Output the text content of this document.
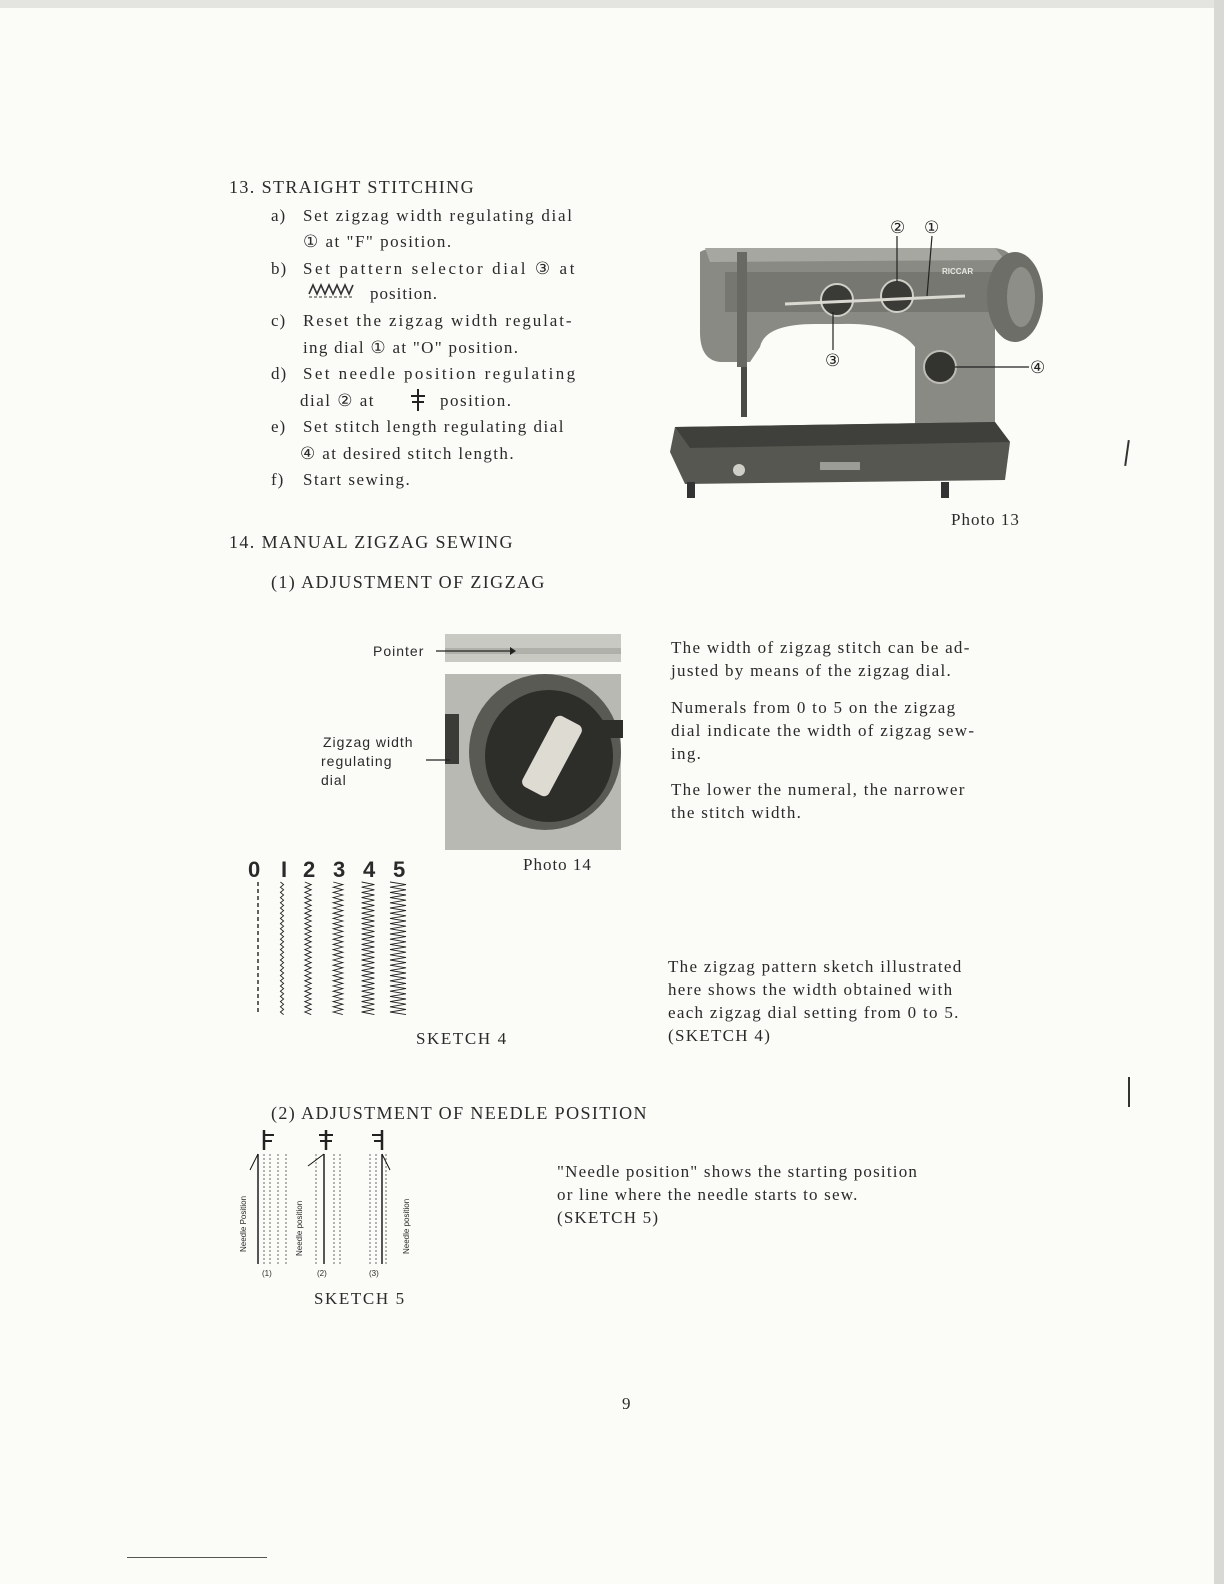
13. STRAIGHT STITCHING
a) Set zigzag width regulating dial
① at "F" position.
b) Set pattern selector dial ③ at
position.
c) Reset the zigzag width regulat-
ing dial ① at "O" position.
d) Set needle position regulating
dial ② at	position.
e) Set stitch length regulating dial
④ at desired stitch length.
f) Start sewing.
② ①
③	④
RICCAR
Photo 13
14. MANUAL ZIGZAG SEWING
(1) ADJUSTMENT OF ZIGZAG
Pointer
Zigzag width
regulating
dial
Photo 14
The width of zigzag stitch can be ad-
justed by means of the zigzag dial.
Numerals from 0 to 5 on the zigzag
dial indicate the width of zigzag sew-
ing.
The lower the numeral, the narrower
the stitch width.
0 I 2 3 4 5
SKETCH 4
The zigzag pattern sketch illustrated
here shows the width obtained with
each zigzag dial setting from 0 to 5.
(SKETCH 4)
(2) ADJUSTMENT OF NEEDLE POSITION
Needle Position	Needle position	Needle position
(1)	(2)	(3)
SKETCH 5
"Needle position" shows the starting position
or line where the needle starts to sew.
(SKETCH 5)
9
